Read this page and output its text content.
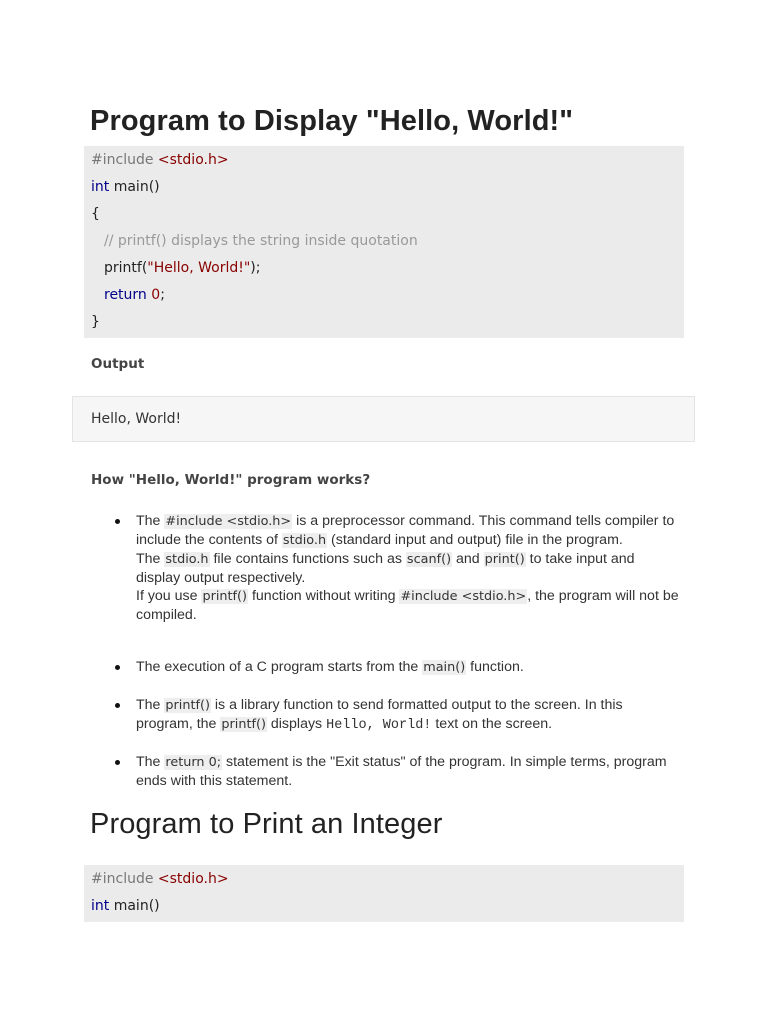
Program to Display "Hello, World!"
#include <stdio.h>
int main()
{
// printf() displays the string inside quotation
printf("Hello, World!");
return 0;
}
Output
Hello, World!
How "Hello, World!" program works?
The #include <stdio.h> is a preprocessor command. This command tells compiler to include the contents of stdio.h (standard input and output) file in the program.
The stdio.h file contains functions such as scanf() and print() to take input and display output respectively.
If you use printf() function without writing #include <stdio.h>, the program will not be compiled.
The execution of a C program starts from the main() function.
The printf() is a library function to send formatted output to the screen. In this program, the printf() displays Hello, World! text on the screen.
The return 0; statement is the "Exit status" of the program. In simple terms, program ends with this statement.
Program to Print an Integer
#include <stdio.h>
int main()
